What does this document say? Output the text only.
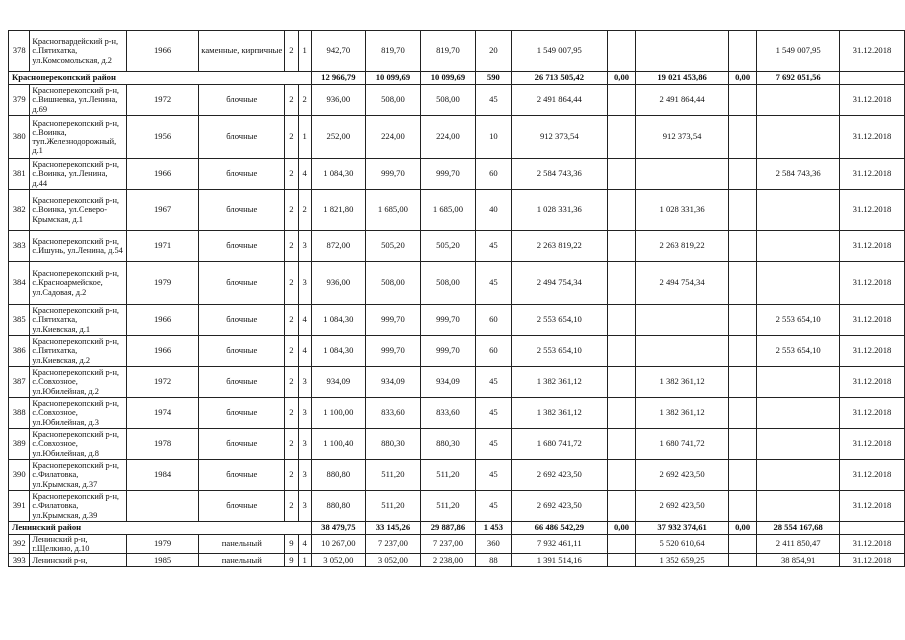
378	Красногвардейский р-н, с.Пятихатка, ул.Комсомольская, д.2	1966	каменные, кирпичные	2	1	942,70	819,70	819,70	20	1 549 007,95				1 549 007,95	31.12.2018
Красноперекопский район						12 966,79	10 099,69	10 099,69	590	26 713 505,42	0,00	19 021 453,86	0,00	7 692 051,56	
379	Красноперекопский р-н, с.Вишневка, ул.Ленина, д.69	1972	блочные	2	2	936,00	508,00	508,00	45	2 491 864,44		2 491 864,44			31.12.2018
380	Красноперекопский р-н, с.Воинка, туп.Железнодорожный, д.1	1956	блочные	2	1	252,00	224,00	224,00	10	912 373,54		912 373,54			31.12.2018
381	Красноперекопский р-н, с.Воинка, ул.Ленина, д.44	1966	блочные	2	4	1 084,30	999,70	999,70	60	2 584 743,36				2 584 743,36	31.12.2018
382	Красноперекопский р-н, с.Воинка, ул.Северо-Крымская, д.1	1967	блочные	2	2	1 821,80	1 685,00	1 685,00	40	1 028 331,36		1 028 331,36			31.12.2018
383	Красноперекопский р-н, с.Ишунь, ул.Ленина, д.54	1971	блочные	2	3	872,00	505,20	505,20	45	2 263 819,22		2 263 819,22			31.12.2018
384	Красноперекопский р-н, с.Красноармейское, ул.Садовая, д.2	1979	блочные	2	3	936,00	508,00	508,00	45	2 494 754,34		2 494 754,34			31.12.2018
385	Красноперекопский р-н, с.Пятихатка, ул.Киевская, д.1	1966	блочные	2	4	1 084,30	999,70	999,70	60	2 553 654,10				2 553 654,10	31.12.2018
386	Красноперекопский р-н, с.Пятихатка, ул.Киевская, д.2	1966	блочные	2	4	1 084,30	999,70	999,70	60	2 553 654,10				2 553 654,10	31.12.2018
387	Красноперекопский р-н, с.Совхозное, ул.Юбилейная, д.2	1972	блочные	2	3	934,09	934,09	934,09	45	1 382 361,12		1 382 361,12			31.12.2018
388	Красноперекопский р-н, с.Совхозное, ул.Юбилейная, д.3	1974	блочные	2	3	1 100,00	833,60	833,60	45	1 382 361,12		1 382 361,12			31.12.2018
389	Красноперекопский р-н, с.Совхозное, ул.Юбилейная, д.8	1978	блочные	2	3	1 100,40	880,30	880,30	45	1 680 741,72		1 680 741,72			31.12.2018
390	Красноперекопский р-н, с.Филатовка, ул.Крымская, д.37	1984	блочные	2	3	880,80	511,20	511,20	45	2 692 423,50		2 692 423,50			31.12.2018
391	Красноперекопский р-н, с.Филатовка, ул.Крымская, д.39		блочные	2	3	880,80	511,20	511,20	45	2 692 423,50		2 692 423,50			31.12.2018
Ленинский район						38 479,75	33 145,26	29 887,86	1 453	66 486 542,29	0,00	37 932 374,61	0,00	28 554 167,68	
392	Ленинский р-н, г.Щелкино, д.10	1979	панельный	9	4	10 267,00	7 237,00	7 237,00	360	7 932 461,11		5 520 610,64		2 411 850,47	31.12.2018
393	Ленинский р-н,	1985	панельный	9	1	3 052,00	3 052,00	2 238,00	88	1 391 514,16		1 352 659,25		38 854,91	31.12.2018
